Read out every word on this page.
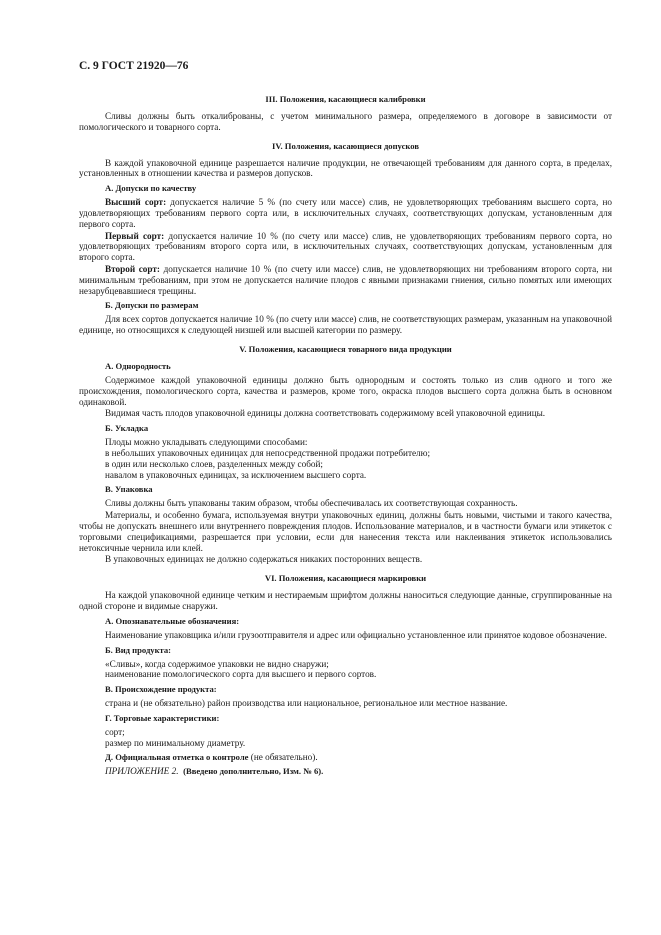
С. 9 ГОСТ 21920—76
III. Положения, касающиеся калибровки

Сливы должны быть откалиброваны, с учетом минимального размера, определяемого в договоре в зависимости от помологического и товарного сорта.

IV. Положения, касающиеся допусков

В каждой упаковочной единице разрешается наличие продукции, не отвечающей требованиям для данного сорта, в пределах, установленных в отношении качества и размеров допусков.

А. Допуски по качеству

Высший сорт: допускается наличие 5 % (по счету или массе) слив, не удовлетворяющих требованиям высшего сорта, но удовлетворяющих требованиям первого сорта или, в исключительных случаях, соответствующих допускам, установленным для первого сорта.

Первый сорт: допускается наличие 10 % (по счету или массе) слив, не удовлетворяющих требованиям первого сорта, но удовлетворяющих требованиям второго сорта или, в исключительных случаях, соответствующих допускам, установленным для второго сорта.

Второй сорт: допускается наличие 10 % (по счету или массе) слив, не удовлетворяющих ни требованиям второго сорта, ни минимальным требованиям, при этом не допускается наличие плодов с явными признаками гниения, сильно помятых или имеющих незарубцевавшиеся трещины.

Б. Допуски по размерам

Для всех сортов допускается наличие 10 % (по счету или массе) слив, не соответствующих размерам, указанным на упаковочной единице, но относящихся к следующей низшей или высшей категории по размеру.

V. Положения, касающиеся товарного вида продукции
А. Однородность

Содержимое каждой упаковочной единицы должно быть однородным и состоять только из слив одного и того же происхождения, помологического сорта, качества и размеров, кроме того, окраска плодов высшего сорта должна быть в основном одинаковой.

Видимая часть плодов упаковочной единицы должна соответствовать содержимому всей упаковочной единицы.

Б. Укладка
Плоды можно укладывать следующими способами:
в небольших упаковочных единицах для непосредственной продажи потребителю;
в один или несколько слоев, разделенных между собой;
навалом в упаковочных единицах, за исключением высшего сорта.
В. Упаковка

Сливы должны быть упакованы таким образом, чтобы обеспечивалась их соответствующая сохранность.

Материалы, и особенно бумага, используемая внутри упаковочных единиц, должны быть новыми, чистыми и такого качества, чтобы не допускать внешнего или внутреннего повреждения плодов. Использование материалов, и в частности бумаги или этикеток с торговыми спецификациями, разрешается при условии, если для нанесения текста или наклеивания этикеток использовались нетоксичные чернила или клей.

В упаковочных единицах не должно содержаться никаких посторонних веществ.

VI. Положения, касающиеся маркировки

На каждой упаковочной единице четким и нестираемым шрифтом должны наноситься следующие данные, сгруппированные на одной стороне и видимые снаружи.

А. Опознавательные обозначения:

Наименование упаковщика и/или грузоотправителя и адрес или официально установленное или принятое кодовое обозначение.

Б. Вид продукта:
«Сливы», когда содержимое упаковки не видно снаружи;
наименование помологического сорта для высшего и первого сортов.
В. Происхождение продукта:
страна и (не обязательно) район производства или национальное, региональное или местное название.
Г. Торговые характеристики:
сорт;
размер по минимальному диаметру.
Д. Официальная отметка о контроле (не обязательно).
ПРИЛОЖЕНИЕ 2. (Введено дополнительно, Изм. № 6).
